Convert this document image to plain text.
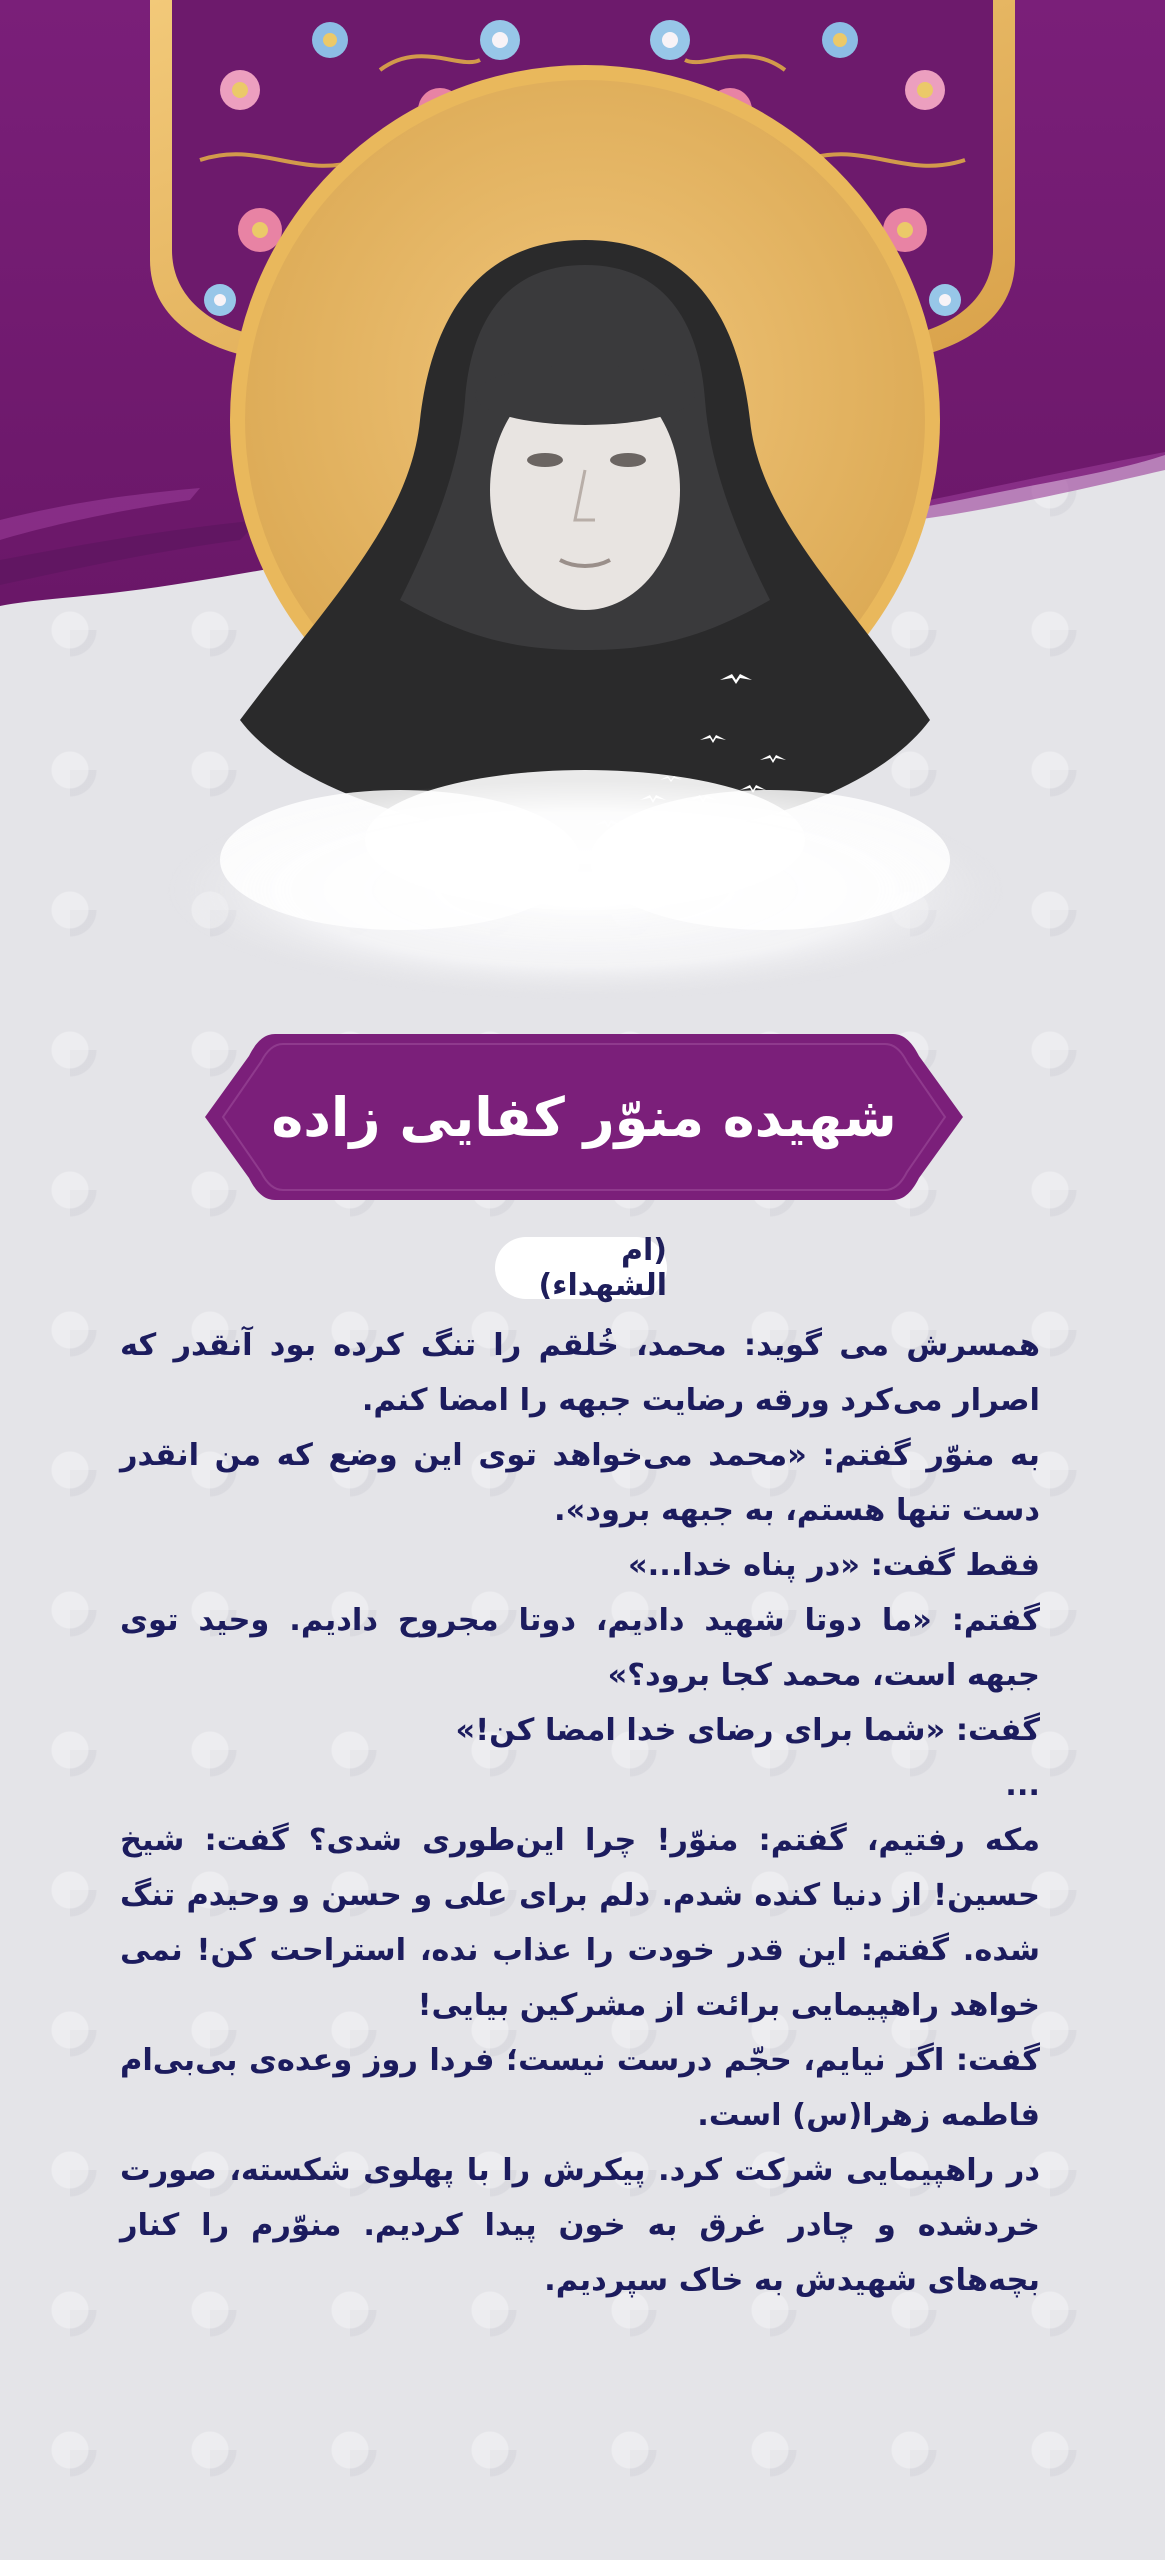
شهیده منوّر کفایی زاده
(ام الشهداء)

همسرش می گوید: محمد، خُلقم را تنگ کرده بود آنقدر که اصرار می‌کرد ورقه رضایت جبهه را امضا کنم.

به منوّر گفتم: «محمد می‌خواهد توی این وضع که من انقدر دست تنها هستم، به جبهه برود».

فقط گفت: «در پناه خدا...»

گفتم: «ما دوتا شهید دادیم، دوتا مجروح دادیم. وحید توی جبهه است، محمد کجا برود؟»

گفت: «شما برای رضای خدا امضا کن!»

...

مکه رفتیم، گفتم: منوّر! چرا این‌طوری شدی؟ گفت: شیخ حسین! از دنیا کنده شدم. دلم برای علی و حسن و وحیدم تنگ شده. گفتم: این قدر خودت را عذاب نده، استراحت کن! نمی خواهد راهپیمایی برائت از مشرکین بیایی!

گفت: اگر نیایم، حجّم درست نیست؛ فردا روز وعده‌ی بی‌بی‌ام فاطمه زهرا(س) است.

در راهپیمایی شرکت کرد. پیکرش را با پهلوی شکسته، صورت خردشده و چادر غرق به خون پیدا کردیم. منوّرم را کنار بچه‌های شهیدش به خاک سپردیم.
